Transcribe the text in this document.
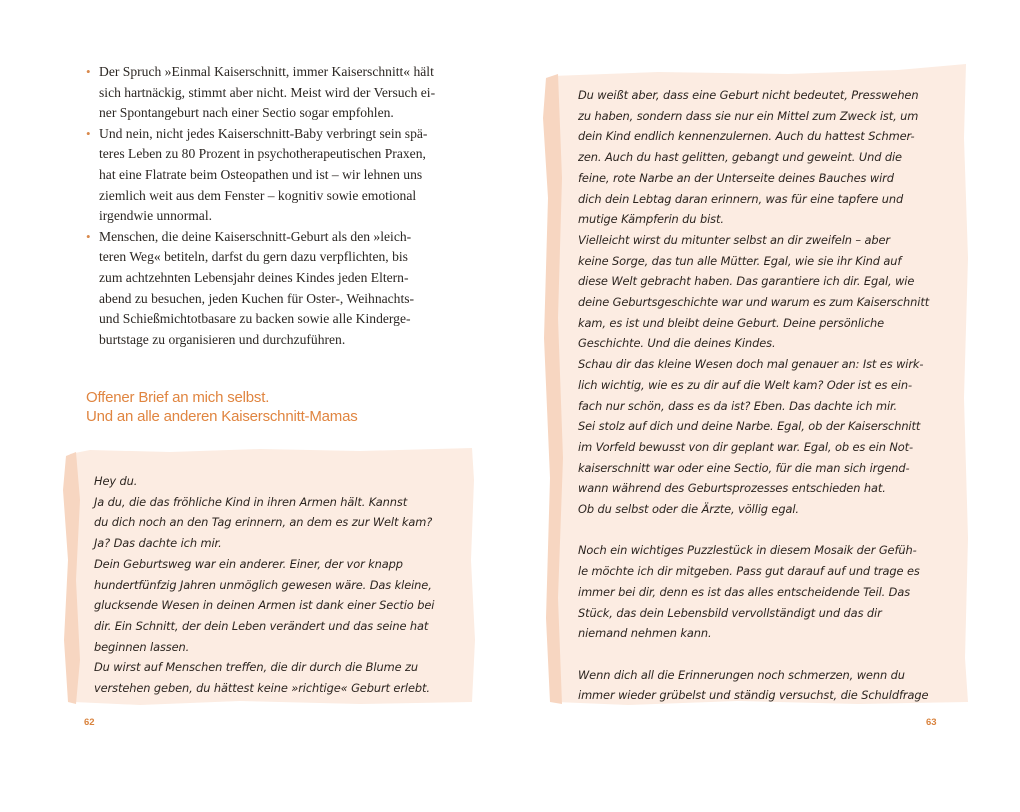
• Der Spruch »Einmal Kaiserschnitt, immer Kaiserschnitt« hält
sich hartnäckig, stimmt aber nicht. Meist wird der Versuch ei-
ner Spontangeburt nach einer Sectio sogar empfohlen.
• Und nein, nicht jedes Kaiserschnitt-Baby verbringt sein spä-
teres Leben zu 80 Prozent in psychotherapeutischen Praxen,
hat eine Flatrate beim Osteopathen und ist – wir lehnen uns
ziemlich weit aus dem Fenster – kognitiv sowie emotional
irgendwie unnormal.
• Menschen, die deine Kaiserschnitt-Geburt als den »leich-
teren Weg« betiteln, darfst du gern dazu verpflichten, bis
zum achtzehnten Lebensjahr deines Kindes jeden Eltern-
abend zu besuchen, jeden Kuchen für Oster-, Weihnachts-
und Schießmichtotbasare zu backen sowie alle Kinderge-
burtstage zu organisieren und durchzuführen.
Offener Brief an mich selbst.
Und an alle anderen Kaiserschnitt-Mamas
Hey du.
Ja du, die das fröhliche Kind in ihren Armen hält. Kannst
du dich noch an den Tag erinnern, an dem es zur Welt kam?
Ja? Das dachte ich mir.
Dein Geburtsweg war ein anderer. Einer, der vor knapp
hundertfünfzig Jahren unmöglich gewesen wäre. Das kleine,
glucksende Wesen in deinen Armen ist dank einer Sectio bei
dir. Ein Schnitt, der dein Leben verändert und das seine hat
beginnen lassen.
Du wirst auf Menschen treffen, die dir durch die Blume zu
verstehen geben, du hättest keine »richtige« Geburt erlebt.
62
Du weißt aber, dass eine Geburt nicht bedeutet, Presswehen
zu haben, sondern dass sie nur ein Mittel zum Zweck ist, um
dein Kind endlich kennenzulernen. Auch du hattest Schmer-
zen. Auch du hast gelitten, gebangt und geweint. Und die
feine, rote Narbe an der Unterseite deines Bauches wird
dich dein Lebtag daran erinnern, was für eine tapfere und
mutige Kämpferin du bist.
Vielleicht wirst du mitunter selbst an dir zweifeln – aber
keine Sorge, das tun alle Mütter. Egal, wie sie ihr Kind auf
diese Welt gebracht haben. Das garantiere ich dir. Egal, wie
deine Geburtsgeschichte war und warum es zum Kaiserschnitt
kam, es ist und bleibt deine Geburt. Deine persönliche
Geschichte. Und die deines Kindes.
Schau dir das kleine Wesen doch mal genauer an: Ist es wirk-
lich wichtig, wie es zu dir auf die Welt kam? Oder ist es ein-
fach nur schön, dass es da ist? Eben. Das dachte ich mir.
Sei stolz auf dich und deine Narbe. Egal, ob der Kaiserschnitt
im Vorfeld bewusst von dir geplant war. Egal, ob es ein Not-
kaiserschnitt war oder eine Sectio, für die man sich irgend-
wann während des Geburtsprozesses entschieden hat.
Ob du selbst oder die Ärzte, völlig egal.

Noch ein wichtiges Puzzlestück in diesem Mosaik der Gefüh-
le möchte ich dir mitgeben. Pass gut darauf auf und trage es
immer bei dir, denn es ist das alles entscheidende Teil. Das
Stück, das dein Lebensbild vervollständigt und das dir
niemand nehmen kann.

Wenn dich all die Erinnerungen noch schmerzen, wenn du
immer wieder grübelst und ständig versuchst, die Schuldfrage
63
